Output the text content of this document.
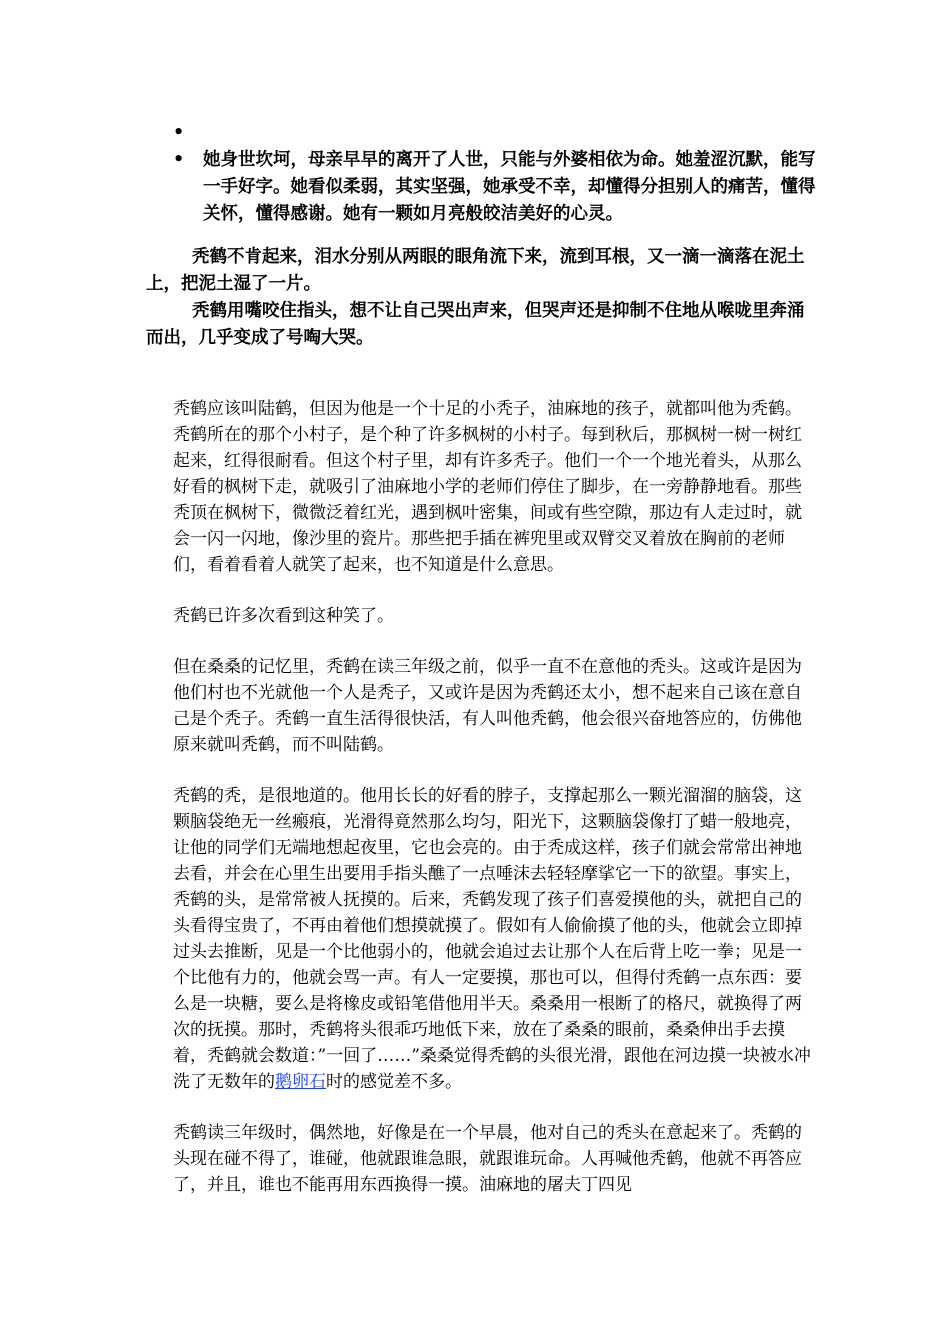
•
• 她身世坎坷，母亲早早的离开了人世，只能与外婆相依为命。她羞涩沉默，能写一手好字。她看似柔弱，其实坚强，她承受不幸，却懂得分担别人的痛苦，懂得关怀，懂得感谢。她有一颗如月亮般皎洁美好的心灵。

秃鹤不肯起来，泪水分别从两眼的眼角流下来，流到耳根，又一滴一滴落在泥土上，把泥土湿了一片。

秃鹤用嘴咬住指头，想不让自己哭出声来，但哭声还是抑制不住地从喉咙里奔涌而出，几乎变成了号啕大哭。

秃鹤应该叫陆鹤，但因为他是一个十足的小秃子，油麻地的孩子，就都叫他为秃鹤。秃鹤所在的那个小村子，是个种了许多枫树的小村子。每到秋后，那枫树一树一树红起来，红得很耐看。但这个村子里，却有许多秃子。他们一个一个地光着头，从那么好看的枫树下走，就吸引了油麻地小学的老师们停住了脚步，在一旁静静地看。那些秃顶在枫树下，微微泛着红光，遇到枫叶密集，间或有些空隙，那边有人走过时，就会一闪一闪地，像沙里的瓷片。那些把手插在裤兜里或双臂交叉着放在胸前的老师们，看着看着人就笑了起来，也不知道是什么意思。

秃鹤已许多次看到这种笑了。

但在桑桑的记忆里，秃鹤在读三年级之前，似乎一直不在意他的秃头。这或许是因为他们村也不光就他一个人是秃子，又或许是因为秃鹤还太小，想不起来自己该在意自己是个秃子。秃鹤一直生活得很快活，有人叫他秃鹤，他会很兴奋地答应的，仿佛他原来就叫秃鹤，而不叫陆鹤。

秃鹤的秃，是很地道的。他用长长的好看的脖子，支撑起那么一颗光溜溜的脑袋，这颗脑袋绝无一丝瘢痕，光滑得竟然那么均匀，阳光下，这颗脑袋像打了蜡一般地亮，让他的同学们无端地想起夜里，它也会亮的。由于秃成这样，孩子们就会常常出神地去看，并会在心里生出要用手指头醮了一点唾沫去轻轻摩挲它一下的欲望。事实上，秃鹤的头，是常常被人抚摸的。后来，秃鹤发现了孩子们喜爱摸他的头，就把自己的头看得宝贵了，不再由着他们想摸就摸了。假如有人偷偷摸了他的头，他就会立即掉过头去推断，见是一个比他弱小的，他就会追过去让那个人在后背上吃一拳；见是一个比他有力的，他就会骂一声。有人一定要摸，那也可以，但得付秃鹤一点东西：要么是一块糖，要么是将橡皮或铅笔借他用半天。桑桑用一根断了的格尺，就换得了两次的抚摸。那时，秃鹤将头很乖巧地低下来，放在了桑桑的眼前，桑桑伸出手去摸着，秃鹤就会数道：”一回了……”桑桑觉得秃鹤的头很光滑，跟他在河边摸一块被水冲洗了无数年的鹅卵石时的感觉差不多。

秃鹤读三年级时，偶然地，好像是在一个早晨，他对自己的秃头在意起来了。秃鹤的头现在碰不得了，谁碰，他就跟谁急眼，就跟谁玩命。人再喊他秃鹤，他就不再答应了，并且，谁也不能再用东西换得一摸。油麻地的屠夫丁四见
